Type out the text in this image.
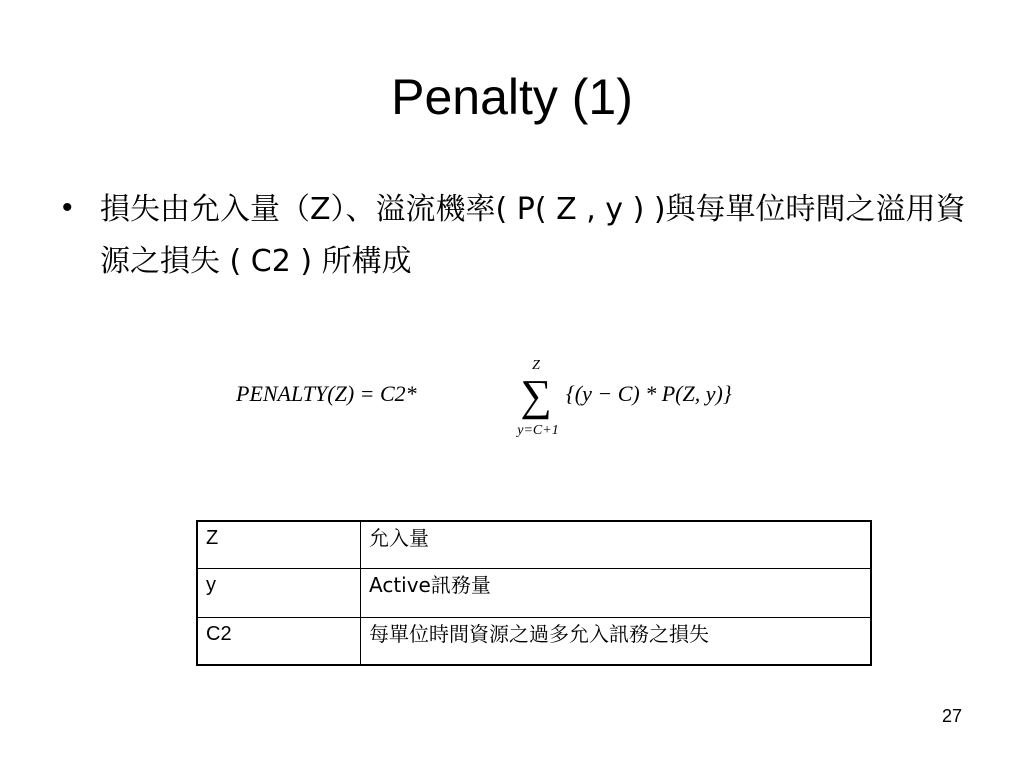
Penalty (1)
• 損失由允入量（Z）、溢流機率( P( Z , y ) )與每單位時間之溢用資源之損失 ( C2 ) 所構成
PENALTY(Z) = C2*
Z
∑
y=C+1
{(y − C) * P(Z, y)}
Z	允入量
y	Active訊務量
C2	每單位時間資源之過多允入訊務之損失
27
